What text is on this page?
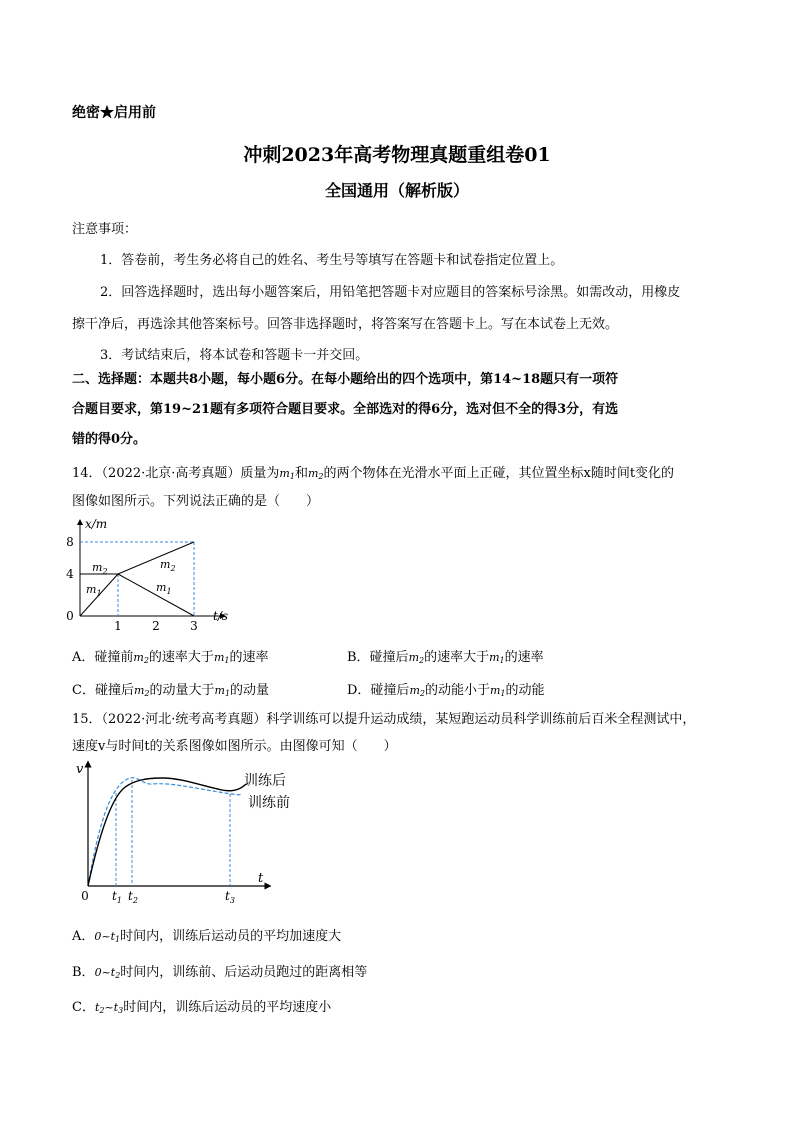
绝密★启用前
冲刺2023年高考物理真题重组卷01
全国通用（解析版）
注意事项：
1．答卷前，考生务必将自己的姓名、考生号等填写在答题卡和试卷指定位置上。
2．回答选择题时，选出每小题答案后，用铅笔把答题卡对应题目的答案标号涂黑。如需改动，用橡皮
擦干净后，再选涂其他答案标号。回答非选择题时，将答案写在答题卡上。写在本试卷上无效。
3．考试结束后，将本试卷和答题卡一并交回。
二、选择题：本题共8小题，每小题6分。在每小题给出的四个选项中，第14~18题只有一项符
合题目要求，第19~21题有多项符合题目要求。全部选对的得6分，选对但不全的得3分，有选
错的得0分。
14．（2022·北京·高考真题）质量为$m_1$和$m_2$的两个物体在光滑水平面上正碰，其位置坐标x随时间t变化的
图像如图所示。下列说法正确的是（　　）
8
4
0
1	2	3
x/m
t/s
$m_2$
$m_1$
$m_2$
$m_1$
A．碰撞前$m_2$的速率大于$m_1$的速率	B．碰撞后$m_2$的速率大于$m_1$的速率
C．碰撞后$m_2$的动量大于$m_1$的动量	D．碰撞后$m_2$的动能小于$m_1$的动能
15．（2022·河北·统考高考真题）科学训练可以提升运动成绩，某短跑运动员科学训练前后百米全程测试中，
速度v与时间t的关系图像如图所示。由图像可知（　　）
v
t
0 $t_1$ $t_2$	$t_3$
训练后
训练前
A．$0\sim t_1$时间内，训练后运动员的平均加速度大
B．$0\sim t_2$时间内，训练前、后运动员跑过的距离相等
C．$t_2\sim t_3$时间内，训练后运动员的平均速度小
